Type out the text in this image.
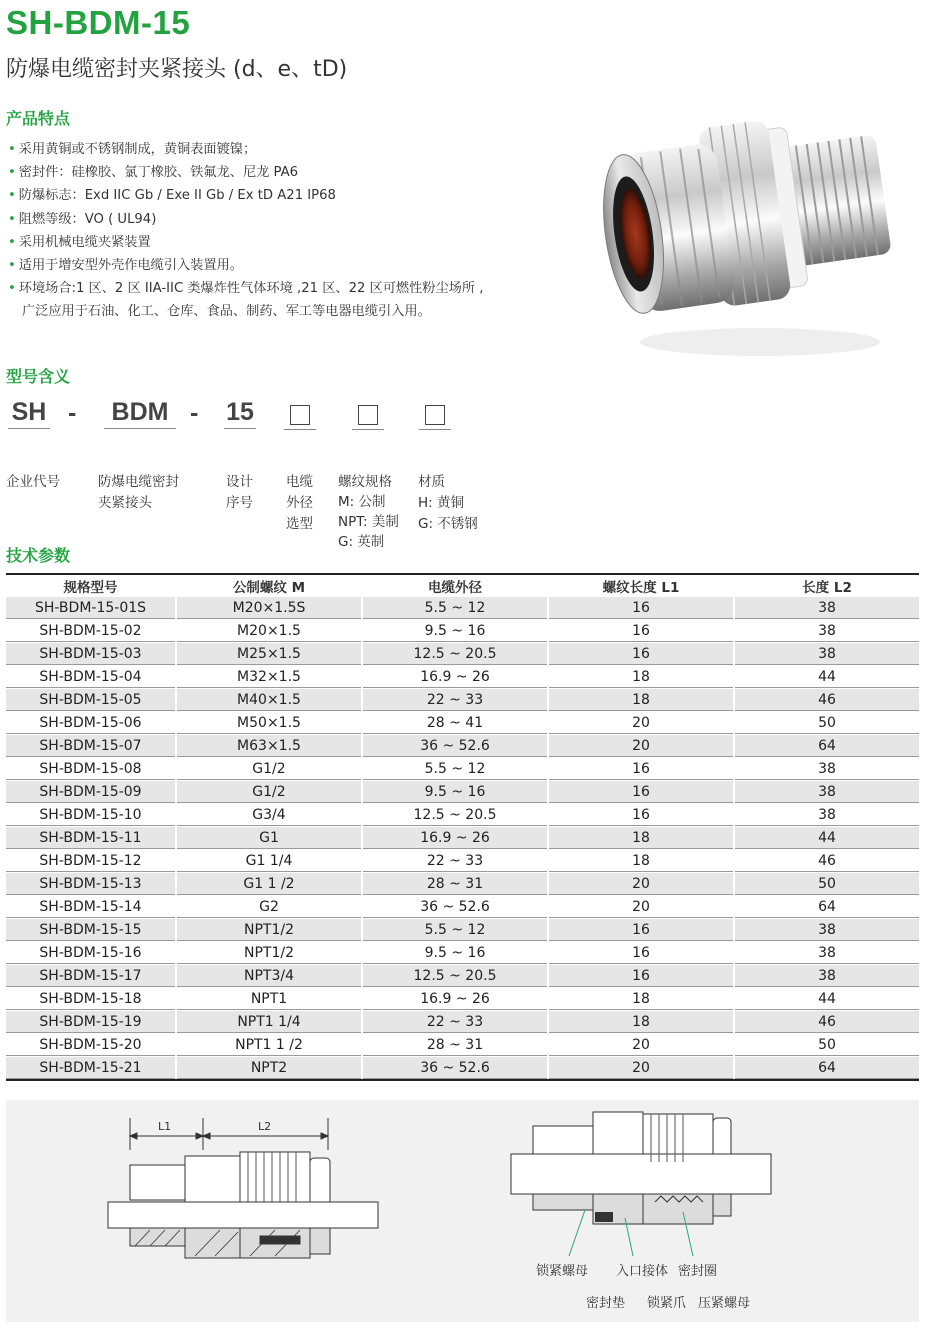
SH-BDM-15
防爆电缆密封夹紧接头 (d、e、tD)
产品特点
• 采用黄铜或不锈钢制成，黄铜表面镀镍；
• 密封件：硅橡胶、氯丁橡胶、铁氟龙、尼龙 PA6
• 防爆标志：Exd IIC Gb / Exe II Gb / Ex tD A21 IP68
• 阻燃等级：VO ( UL94)
• 采用机械电缆夹紧装置
• 适用于增安型外壳作电缆引入装置用。
• 环境场合:1 区、2 区 IIA-IIC 类爆炸性气体环境 ,21 区、22 区可燃性粉尘场所 ,
广泛应用于石油、化工、仓库、食品、制药、军工等电器电缆引入用。
型号含义
SH -	BDM - 15
企业代号	防爆电缆密封
夹紧接头
设计
序号
电缆
外径
选型
螺纹规格
M: 公制
NPT: 美制
G: 英制
材质
H: 黄铜
G: 不锈钢
技术参数
规格型号	公制螺纹 M	电缆外径	螺纹长度 L1	长度 L2
SH-BDM-15-01S	M20×1.5S	5.5 ~ 12	16	38
SH-BDM-15-02	M20×1.5	9.5 ~ 16	16	38
SH-BDM-15-03	M25×1.5	12.5 ~ 20.5	16	38
SH-BDM-15-04	M32×1.5	16.9 ~ 26	18	44
SH-BDM-15-05	M40×1.5	22 ~ 33	18	46
SH-BDM-15-06	M50×1.5	28 ~ 41	20	50
SH-BDM-15-07	M63×1.5	36 ~ 52.6	20	64
SH-BDM-15-08	G1/2	5.5 ~ 12	16	38
SH-BDM-15-09	G1/2	9.5 ~ 16	16	38
SH-BDM-15-10	G3/4	12.5 ~ 20.5	16	38
SH-BDM-15-11	G1	16.9 ~ 26	18	44
SH-BDM-15-12	G1 1/4	22 ~ 33	18	46
SH-BDM-15-13	G1 1 /2	28 ~ 31	20	50
SH-BDM-15-14	G2	36 ~ 52.6	20	64
SH-BDM-15-15	NPT1/2	5.5 ~ 12	16	38
SH-BDM-15-16	NPT1/2	9.5 ~ 16	16	38
SH-BDM-15-17	NPT3/4	12.5 ~ 20.5	16	38
SH-BDM-15-18	NPT1	16.9 ~ 26	18	44
SH-BDM-15-19	NPT1 1/4	22 ~ 33	18	46
SH-BDM-15-20	NPT1 1 /2	28 ~ 31	20	50
SH-BDM-15-21	NPT2	36 ~ 52.6	20	64
L1	L2
锁紧螺母 入口接体 密封圈
密封垫 锁紧爪 压紧螺母
